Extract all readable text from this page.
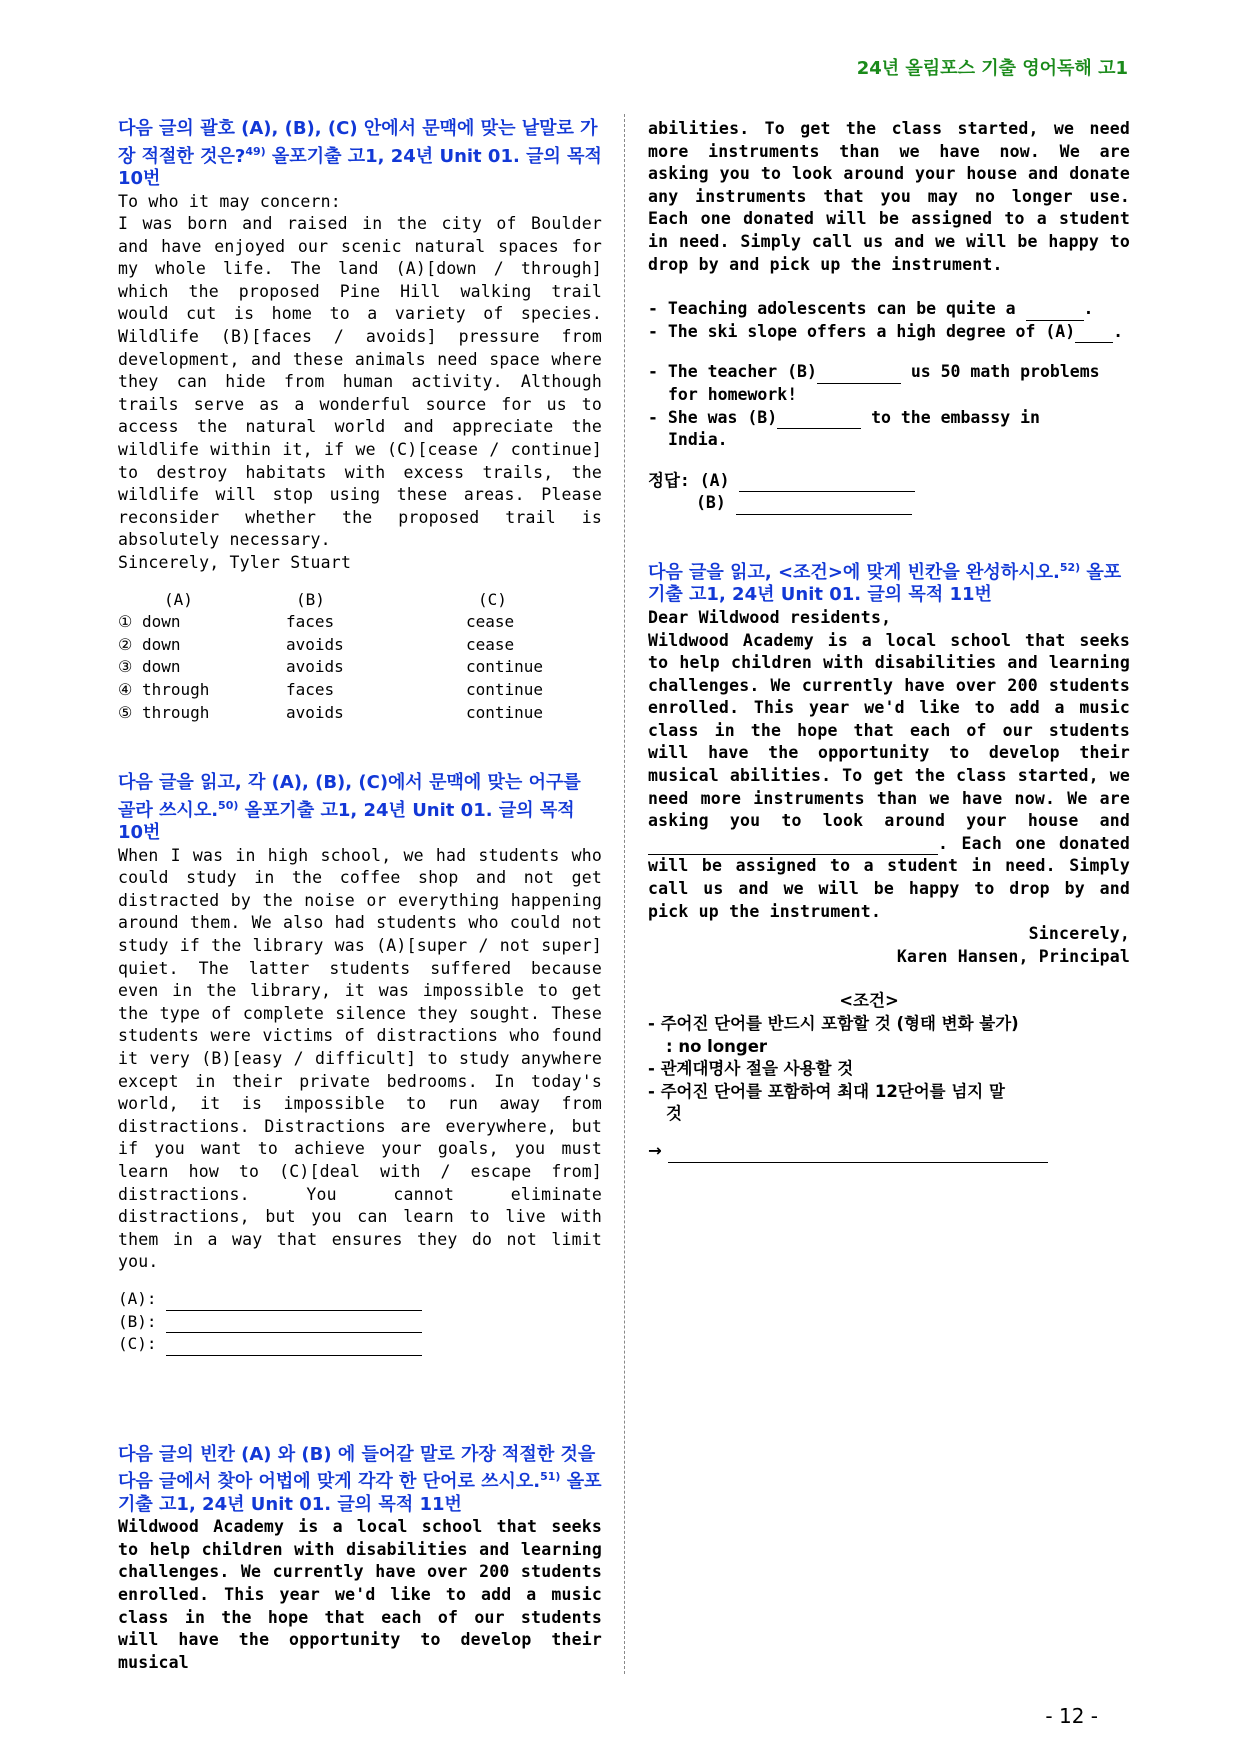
24년 올림포스 기출 영어독해 고1
다음 글의 괄호 (A), (B), (C) 안에서 문맥에 맞는 낱말로 가장 적절한 것은?$^{49)}$ 올포기출 고1, 24년 Unit 01. 글의 목적 10번

To who it may concern:

I was born and raised in the city of Boulder and have enjoyed our scenic natural spaces for my whole life. The land (A)[down / through] which the proposed Pine Hill walking trail would cut is home to a variety of species. Wildlife (B)[faces / avoids] pressure from development, and these animals need space where they can hide from human activity. Although trails serve as a wonderful source for us to access the natural world and appreciate the wildlife within it, if we (C)[cease / continue] to destroy habitats with excess trails, the wildlife will stop using these areas. Please reconsider whether the proposed trail is absolutely necessary.

Sincerely, Tyler Stuart

(A)	(B)	(C)
① down	faces	cease
② down	avoids	cease
③ down	avoids	continue
④ through	faces	continue
⑤ through	avoids	continue
다음 글을 읽고, 각 (A), (B), (C)에서 문맥에 맞는 어구를 골라 쓰시오.$^{50)}$ 올포기출 고1, 24년 Unit 01. 글의 목적 10번

When I was in high school, we had students who could study in the coffee shop and not get distracted by the noise or everything happening around them. We also had students who could not study if the library was (A)[super / not super] quiet. The latter students suffered because even in the library, it was impossible to get the type of complete silence they sought. These students were victims of distractions who found it very (B)[easy / difficult] to study anywhere except in their private bedrooms. In today's world, it is impossible to run away from distractions. Distractions are everywhere, but if you want to achieve your goals, you must learn how to (C)[deal with / escape from] distractions. You cannot eliminate distractions, but you can learn to live with them in a way that ensures they do not limit you.

(A):
(B):
(C):
다음 글의 빈칸 (A) 와 (B) 에 들어갈 말로 가장 적절한 것을 다음 글에서 찾아 어법에 맞게 각각 한 단어로 쓰시오.$^{51)}$ 올포기출 고1, 24년 Unit 01. 글의 목적 11번

Wildwood Academy is a local school that seeks to help children with disabilities and learning challenges. We currently have over 200 students enrolled. This year we'd like to add a music class in the hope that each of our students will have the opportunity to develop their musical

abilities. To get the class started, we need more instruments than we have now. We are asking you to look around your house and donate any instruments that you may no longer use. Each one donated will be assigned to a student in need. Simply call us and we will be happy to drop by and pick up the instrument.

- Teaching adolescents can be quite a	.
- The ski slope offers a high degree of (A) .
- The teacher (B)	us 50 math problems
for homework!
- She was (B)	to the embassy in
India.
정답: (A)
(B)
다음 글을 읽고, <조건>에 맞게 빈칸을 완성하시오.$^{52)}$ 올포기출 고1, 24년 Unit 01. 글의 목적 11번

Dear Wildwood residents,

Wildwood Academy is a local school that seeks to help children with disabilities and learning challenges. We currently have over 200 students enrolled. This year we'd like to add a music class in the hope that each of our students will have the opportunity to develop their musical abilities. To get the class started, we need more instruments than we have now. We are asking you to look around your house and . Each one donated will be assigned to a student in need. Simply call us and we will be happy to drop by and pick up the instrument.

Sincerely,

Karen Hansen, Principal

<조건>
- 주어진 단어를 반드시 포함할 것 (형태 변화 불가)
: no longer
- 관계대명사 절을 사용할 것
- 주어진 단어를 포함하여 최대 12단어를 넘지 말
것
→
- 12 -
